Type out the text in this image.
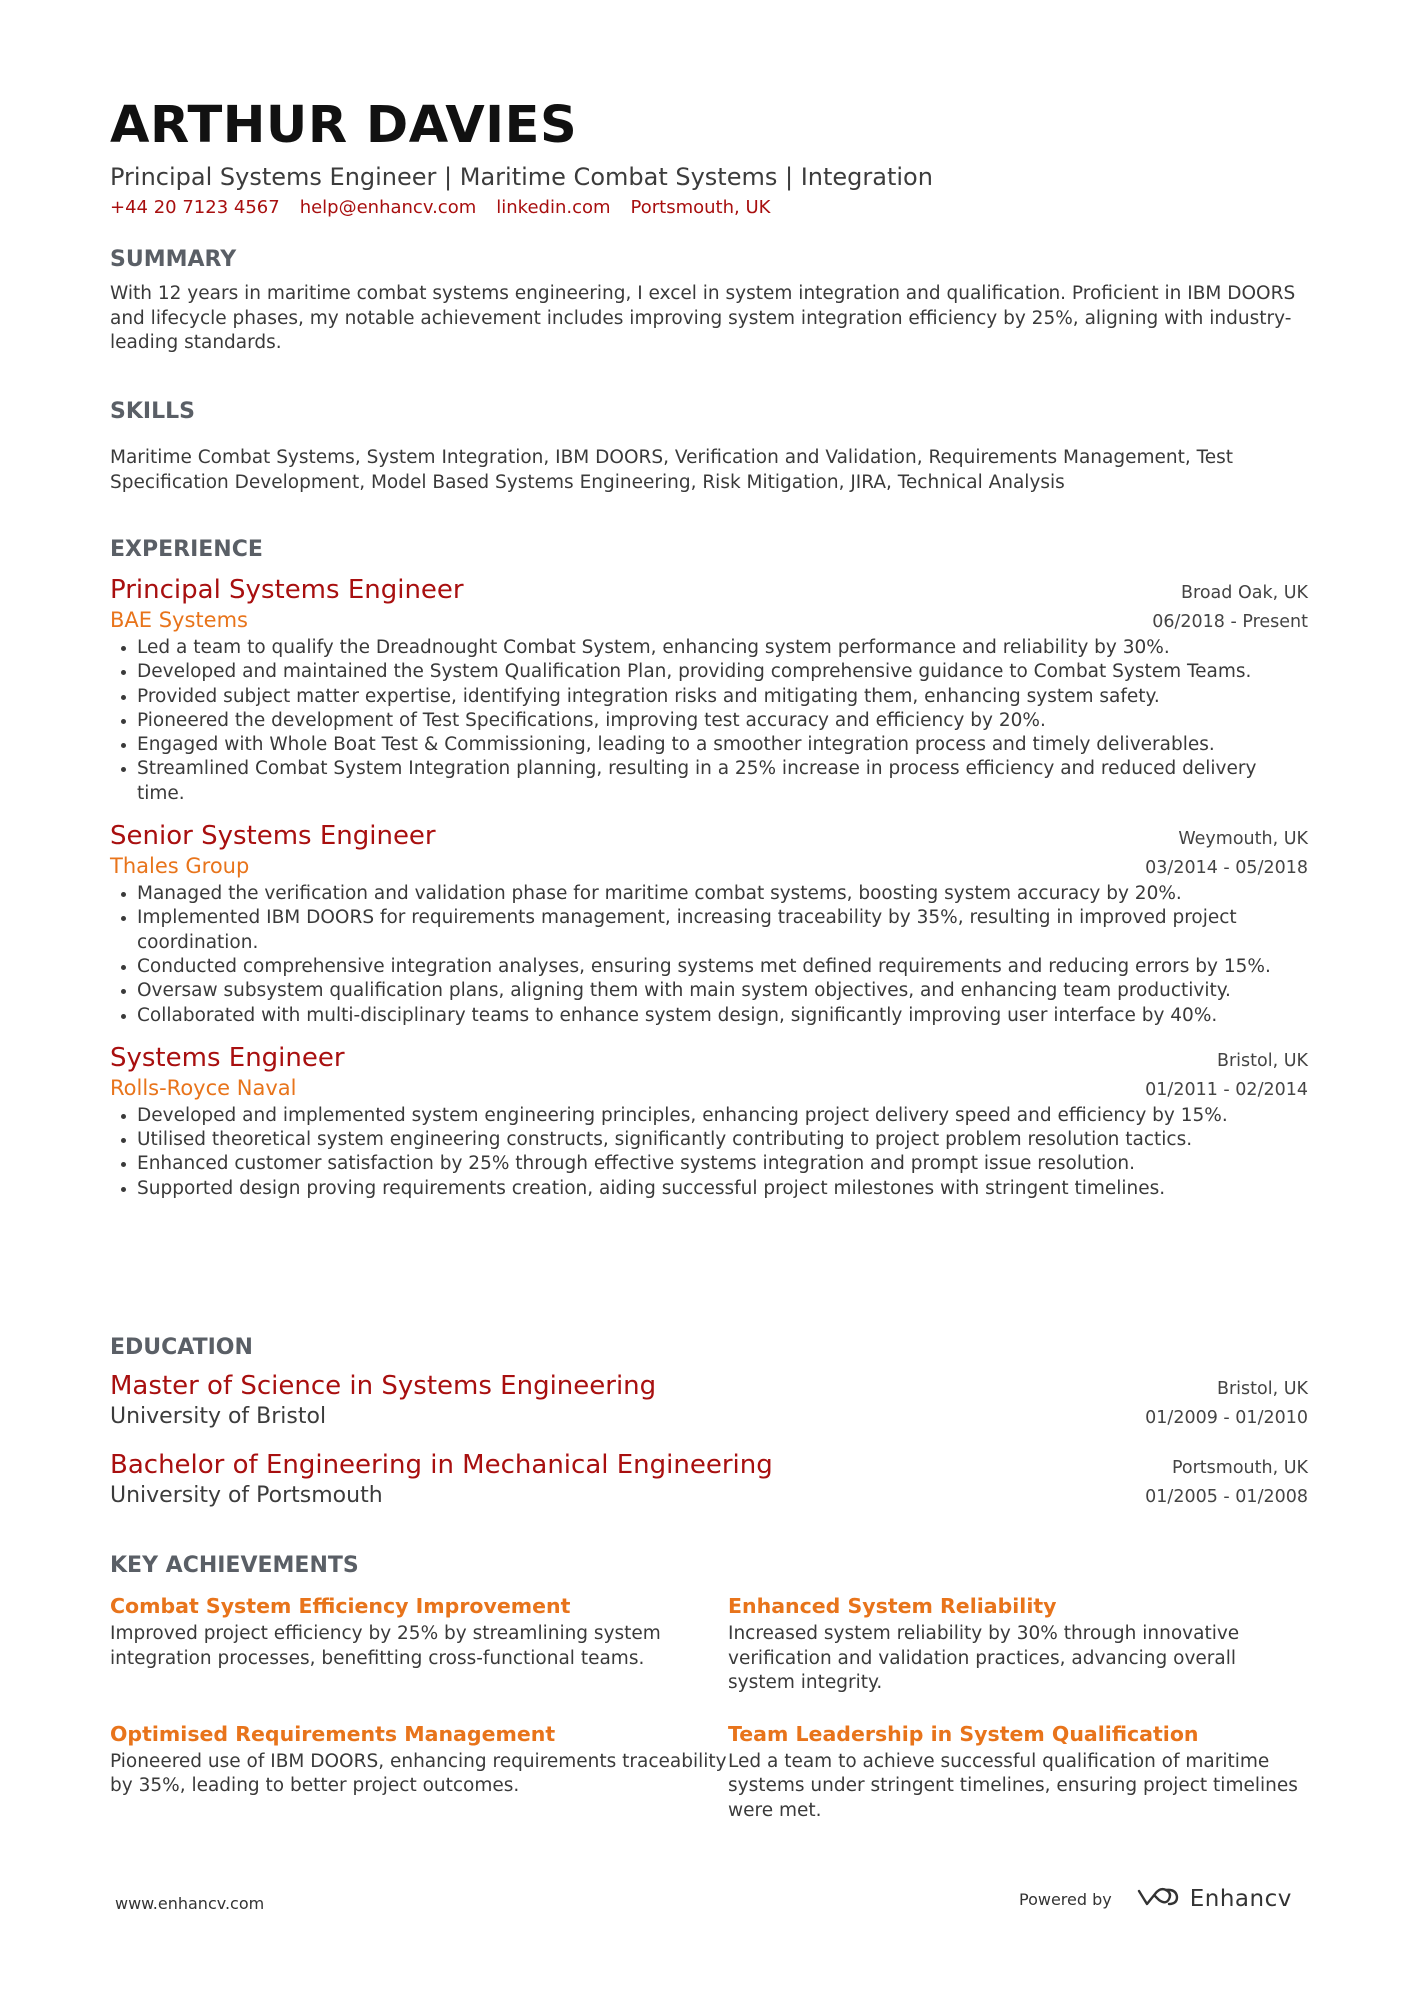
ARTHUR DAVIES
Principal Systems Engineer | Maritime Combat Systems | Integration
+44 20 7123 4567 help@enhancv.com linkedin.com Portsmouth, UK
SUMMARY
With 12 years in maritime combat systems engineering, I excel in system integration and qualification. Proficient in IBM DOORS and lifecycle phases, my notable achievement includes improving system integration efficiency by 25%, aligning with industry-leading standards.
SKILLS
Maritime Combat Systems, System Integration, IBM DOORS, Verification and Validation, Requirements Management, Test Specification Development, Model Based Systems Engineering, Risk Mitigation, JIRA, Technical Analysis
EXPERIENCE
Principal Systems Engineer	Broad Oak, UK
BAE Systems	06/2018 - Present
• Led a team to qualify the Dreadnought Combat System, enhancing system performance and reliability by 30%.
• Developed and maintained the System Qualification Plan, providing comprehensive guidance to Combat System Teams.
• Provided subject matter expertise, identifying integration risks and mitigating them, enhancing system safety.
• Pioneered the development of Test Specifications, improving test accuracy and efficiency by 20%.
• Engaged with Whole Boat Test & Commissioning, leading to a smoother integration process and timely deliverables.
• Streamlined Combat System Integration planning, resulting in a 25% increase in process efficiency and reduced delivery time.
Senior Systems Engineer	Weymouth, UK
Thales Group	03/2014 - 05/2018
• Managed the verification and validation phase for maritime combat systems, boosting system accuracy by 20%.
• Implemented IBM DOORS for requirements management, increasing traceability by 35%, resulting in improved project coordination.
• Conducted comprehensive integration analyses, ensuring systems met defined requirements and reducing errors by 15%.
• Oversaw subsystem qualification plans, aligning them with main system objectives, and enhancing team productivity.
• Collaborated with multi-disciplinary teams to enhance system design, significantly improving user interface by 40%.
Systems Engineer	Bristol, UK
Rolls-Royce Naval	01/2011 - 02/2014
• Developed and implemented system engineering principles, enhancing project delivery speed and efficiency by 15%.
• Utilised theoretical system engineering constructs, significantly contributing to project problem resolution tactics.
• Enhanced customer satisfaction by 25% through effective systems integration and prompt issue resolution.
• Supported design proving requirements creation, aiding successful project milestones with stringent timelines.
EDUCATION
Master of Science in Systems Engineering	Bristol, UK
University of Bristol	01/2009 - 01/2010
Bachelor of Engineering in Mechanical Engineering	Portsmouth, UK
University of Portsmouth	01/2005 - 01/2008
KEY ACHIEVEMENTS
Combat System Efficiency Improvement
Improved project efficiency by 25% by streamlining system integration processes, benefitting cross-functional teams.
Enhanced System Reliability
Increased system reliability by 30% through innovative verification and validation practices, advancing overall system integrity.
Optimised Requirements Management
Pioneered use of IBM DOORS, enhancing requirements traceability by 35%, leading to better project outcomes.
Team Leadership in System Qualification
Led a team to achieve successful qualification of maritime systems under stringent timelines, ensuring project timelines were met.
www.enhancv.com	Powered by	Enhancv
